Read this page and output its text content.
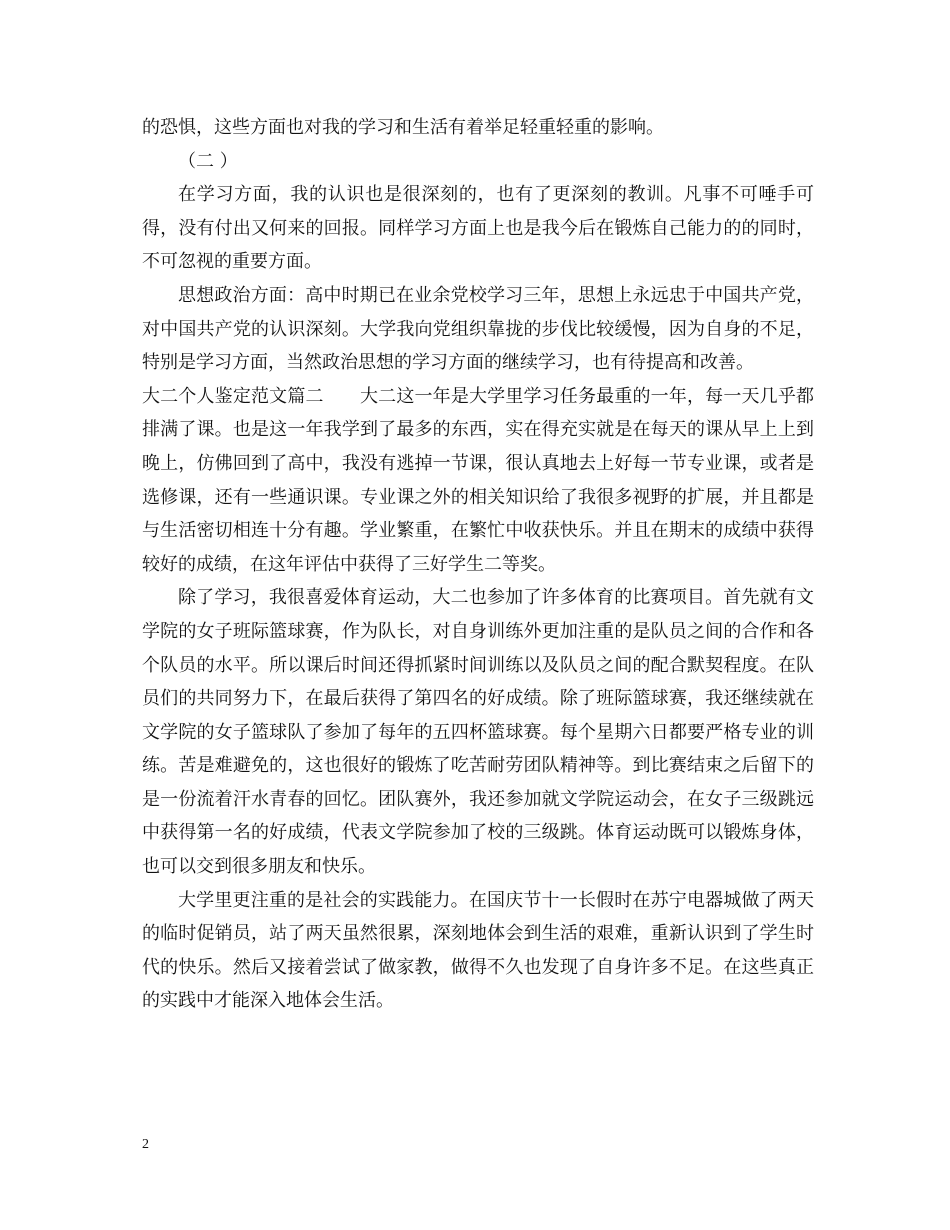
的恐惧，这些方面也对我的学习和生活有着举足轻重轻重的影响。

（二 ）

在学习方面，我的认识也是很深刻的，也有了更深刻的教训。凡事不可唾手可得，没有付出又何来的回报。同样学习方面上也是我今后在锻炼自己能力的的同时，不可忽视的重要方面。

思想政治方面：高中时期已在业余党校学习三年，思想上永远忠于中国共产党，对中国共产党的认识深刻。大学我向党组织靠拢的步伐比较缓慢，因为自身的不足，特别是学习方面，当然政治思想的学习方面的继续学习，也有待提高和改善。

大二个人鉴定范文篇二　　大二这一年是大学里学习任务最重的一年，每一天几乎都排满了课。也是这一年我学到了最多的东西，实在得充实就是在每天的课从早上上到晚上，仿佛回到了高中，我没有逃掉一节课，很认真地去上好每一节专业课，或者是选修课，还有一些通识课。专业课之外的相关知识给了我很多视野的扩展，并且都是与生活密切相连十分有趣。学业繁重，在繁忙中收获快乐。并且在期末的成绩中获得较好的成绩，在这年评估中获得了三好学生二等奖。

除了学习，我很喜爱体育运动，大二也参加了许多体育的比赛项目。首先就有文学院的女子班际篮球赛，作为队长，对自身训练外更加注重的是队员之间的合作和各个队员的水平。所以课后时间还得抓紧时间训练以及队员之间的配合默契程度。在队员们的共同努力下，在最后获得了第四名的好成绩。除了班际篮球赛，我还继续就在文学院的女子篮球队了参加了每年的五四杯篮球赛。每个星期六日都要严格专业的训练。苦是难避免的，这也很好的锻炼了吃苦耐劳团队精神等。到比赛结束之后留下的是一份流着汗水青春的回忆。团队赛外，我还参加就文学院运动会，在女子三级跳远中获得第一名的好成绩，代表文学院参加了校的三级跳。体育运动既可以锻炼身体，也可以交到很多朋友和快乐。

大学里更注重的是社会的实践能力。在国庆节十一长假时在苏宁电器城做了两天的临时促销员，站了两天虽然很累，深刻地体会到生活的艰难，重新认识到了学生时代的快乐。然后又接着尝试了做家教，做得不久也发现了自身许多不足。在这些真正的实践中才能深入地体会生活。

2
